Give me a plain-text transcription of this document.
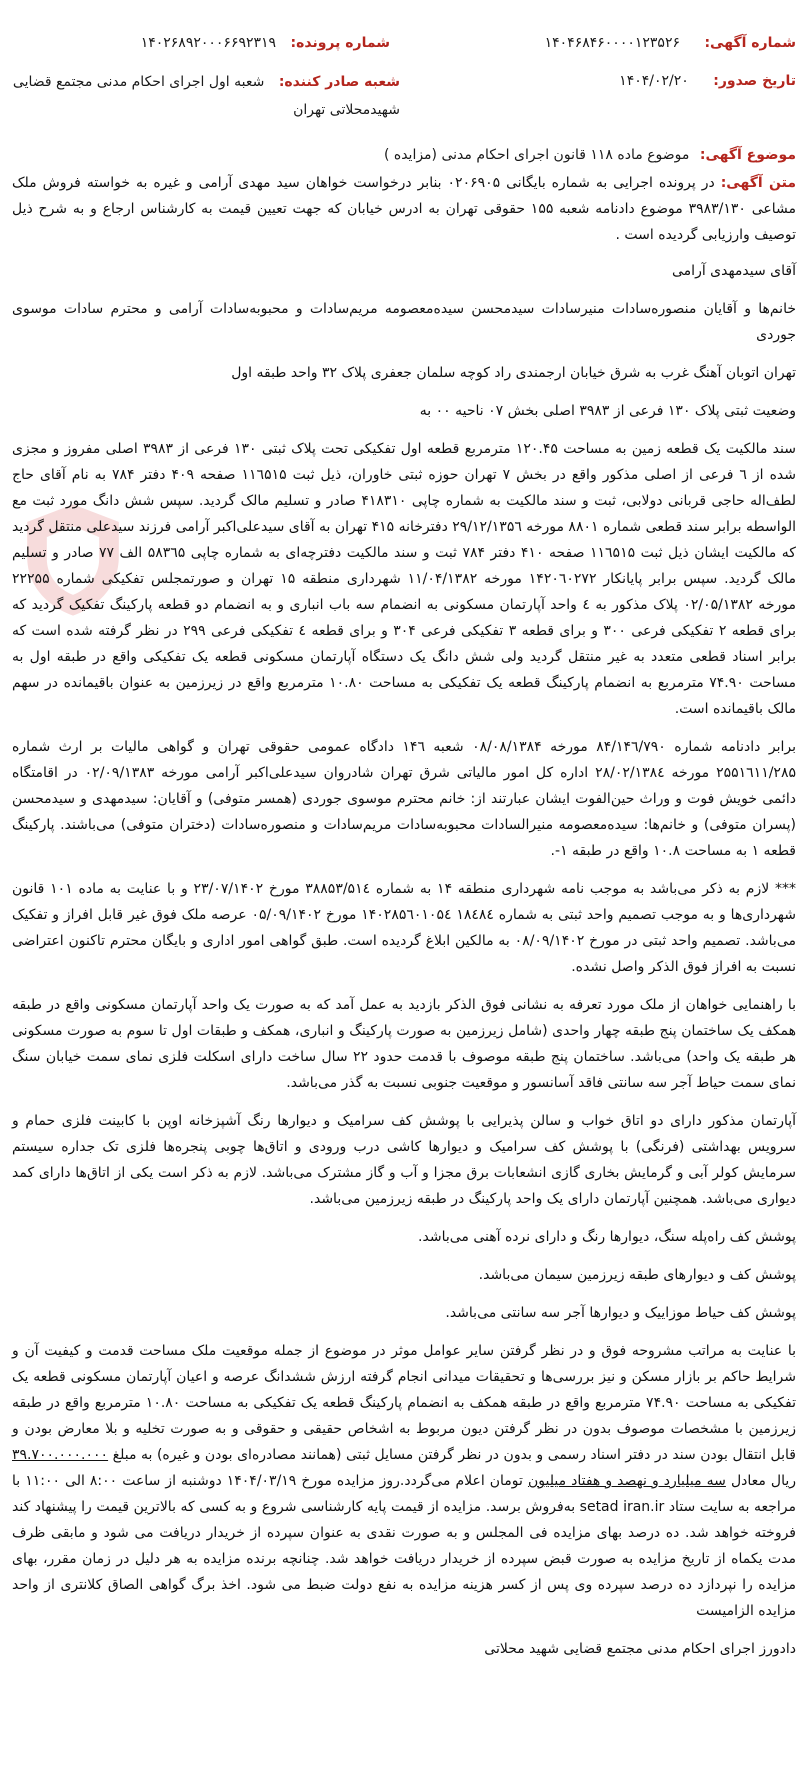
شماره آگهی: ۱۴۰۴۶۸۴۶۰۰۰۰۱۲۳۵۲۶
شماره پرونده: ۱۴۰۲۶۸۹۲۰۰۰۶۶۹۲۳۱۹
تاریخ صدور: ۱۴۰۴/۰۲/۲۰
شعبه صادر کننده: شعبه اول اجرای احکام مدنی مجتمع قضایی شهیدمحلاتی تهران
موضوع آگهی: موضوع ماده ۱۱۸ قانون اجرای احکام مدنی (مزایده )

متن آگهی: در پرونده اجرایی به شماره بایگانی ۰۲۰۶۹۰۵ بنابر درخواست خواهان سید مهدی آرامی و غیره به خواسته فروش ملک مشاعی ۳۹۸۳/۱۳۰ موضوع دادنامه شعبه ۱۵۵ حقوقی تهران به ادرس خیابان که جهت تعیین قیمت به کارشناس ارجاع و به شرح ذیل توصیف وارزیابی گردیده است .

آقای سیدمهدی آرامی

خانم‌ها و آقایان منصوره‌سادات منیرسادات سیدمحسن سیده‌معصومه مریم‌سادات و محبوبه‌سادات آرامی و محترم سادات موسوی جوردی

تهران اتوبان آهنگ غرب به شرق خیابان ارجمندی راد کوچه سلمان جعفری پلاک ۳۲ واحد طبقه اول

وضعیت ثبتی پلاک ۱۳۰ فرعی از ۳۹۸۳ اصلی بخش ۰۷ ناحیه ۰۰ به

سند مالکیت یک قطعه زمین به مساحت ۱۲۰.۴۵ مترمربع قطعه اول تفکیکی تحت پلاک ثبتی ۱۳۰ فرعی از ۳۹۸۳ اصلی مفروز و مجزی شده از ٦ فرعی از اصلی مذکور واقع در بخش ۷ تهران حوزه ثبتی خاوران، ذیل ثبت ۱۱٦۵۱۵ صفحه ۴۰۹ دفتر ۷۸۴ به نام آقای حاج لطف‌اله حاجی قربانی دولابی، ثبت و سند مالکیت به شماره چاپی ۴۱۸۳۱۰ صادر و تسلیم مالک گردید. سپس شش دانگ مورد ثبت مع الواسطه برابر سند قطعی شماره ۸۸۰۱ مورخه ۲۹/۱۲/۱۳۵٦ دفترخانه ۴۱۵ تهران به آقای سیدعلی‌اکبر آرامی فرزند سیدعلی منتقل گردید که مالکیت ایشان ذیل ثبت ۱۱٦۵۱۵ صفحه ۴۱۰ دفتر ۷۸۴ ثبت و سند مالکیت دفترچه‌ای به شماره چاپی ۵۸۳٦۵ الف ۷۷ صادر و تسلیم مالک گردید. سپس برابر پایانکار ۱۴۲۰٦۰۲۷۲ مورخه ۱۱/۰۴/۱۳۸۲ شهرداری منطقه ۱۵ تهران و صورتمجلس تفکیکی شماره ۲۲۲۵۵ مورخه ۰۲/۰۵/۱۳۸۲ پلاک مذکور به ٤ واحد آپارتمان مسکونی به انضمام سه باب انباری و به انضمام دو قطعه پارکینگ تفکیک گردید که برای قطعه ۲ تفکیکی فرعی ۳۰۰ و برای قطعه ۳ تفکیکی فرعی ۳۰۴ و برای قطعه ٤ تفکیکی فرعی ۲۹۹ در نظر گرفته شده است که برابر اسناد قطعی متعدد به غیر منتقل گردید ولی شش دانگ یک دستگاه آپارتمان مسکونی قطعه یک تفکیکی واقع در طبقه اول به مساحت ۷۴.۹۰ مترمربع به انضمام پارکینگ قطعه یک تفکیکی به مساحت ۱۰.۸۰ مترمربع واقع در زیرزمین به عنوان باقیمانده در سهم مالک باقیمانده است.

برابر دادنامه شماره ۸۴/۱۴٦/۷۹۰ مورخه ۰۸/۰۸/۱۳۸۴ شعبه ۱۴٦ دادگاه عمومی حقوقی تهران و گواهی مالیات بر ارث شماره ۲۵۵۱٦۱۱/۲۸۵ مورخه ۲۸/۰۲/۱۳۸٤ اداره کل امور مالیاتی شرق تهران شادروان سیدعلی‌اکبر آرامی مورخه ۰۲/۰۹/۱۳۸۳ در اقامتگاه دائمی خویش فوت و وراث حین‌الفوت ایشان عبارتند از: خانم محترم موسوی جوردی (همسر متوفی) و آقایان: سیدمهدی و سیدمحسن (پسران متوفی) و خانم‌ها: سیده‌معصومه منیرالسادات محبوبه‌سادات مریم‌سادات و منصوره‌سادات (دختران متوفی) می‌باشند. پارکینگ قطعه ۱ به مساحت ۱۰.۸ واقع در طبقه ۱-.

*** لازم به ذکر می‌باشد به موجب نامه شهرداری منطقه ۱۴ به شماره ۳۸۸۵۳/۵۱٤ مورخ ۲۳/۰۷/۱۴۰۲ و با عنایت به ماده ۱۰۱ قانون شهرداری‌ها و به موجب تصمیم واحد ثبتی به شماره ۱۸٤۸٤ ۱۴۰۲۸۵٦۰۱۰۵٤ مورخ ۰۵/۰۹/۱۴۰۲ عرصه ملک فوق غیر قابل افراز و تفکیک می‌باشد. تصمیم واحد ثبتی در مورخ ۰۸/۰۹/۱۴۰۲ به مالکین ابلاغ گردیده است. طبق گواهی امور اداری و بایگان محترم تاکنون اعتراضی نسبت به افراز فوق الذکر واصل نشده.

با راهنمایی خواهان از ملک مورد تعرفه به نشانی فوق الذکر بازدید به عمل آمد که به صورت یک واحد آپارتمان مسکونی واقع در طبقه همکف یک ساختمان پنج طبقه چهار واحدی (شامل زیرزمین به صورت پارکینگ و انباری، همکف و طبقات اول تا سوم به صورت مسکونی هر طبقه یک واحد) می‌باشد. ساختمان پنج طبقه موصوف با قدمت حدود ۲۲ سال ساخت دارای اسکلت فلزی نمای سمت خیابان سنگ نمای سمت حیاط آجر سه سانتی فاقد آسانسور و موقعیت جنوبی نسبت به گذر می‌باشد.

آپارتمان مذکور دارای دو اتاق خواب و سالن پذیرایی با پوشش کف سرامیک و دیوارها رنگ آشپزخانه اوپن با کابینت فلزی حمام و سرویس بهداشتی (فرنگی) با پوشش کف سرامیک و دیوارها کاشی درب ورودی و اتاق‌ها چوبی پنجره‌ها فلزی تک جداره سیستم سرمایش کولر آبی و گرمایش بخاری گازی انشعابات برق مجزا و آب و گاز مشترک می‌باشد. لازم به ذکر است یکی از اتاق‌ها دارای کمد دیواری می‌باشد. همچنین آپارتمان دارای یک واحد پارکینگ در طبقه زیرزمین می‌باشد.

پوشش کف راه‌پله سنگ، دیوارها رنگ و دارای نرده آهنی می‌باشد.

پوشش کف و دیوارهای طبقه زیرزمین سیمان می‌باشد.

پوشش کف حیاط موزاییک و دیوارها آجر سه سانتی می‌باشد.

با عنایت به مراتب مشروحه فوق و در نظر گرفتن سایر عوامل موثر در موضوع از جمله موقعیت ملک مساحت قدمت و کیفیت آن و شرایط حاکم بر بازار مسکن و نیز بررسی‌ها و تحقیقات میدانی انجام گرفته ارزش ششدانگ عرصه و اعیان آپارتمان مسکونی قطعه یک تفکیکی به مساحت ۷۴.۹۰ مترمربع واقع در طبقه همکف به انضمام پارکینگ قطعه یک تفکیکی به مساحت ۱۰.۸۰ مترمربع واقع در طبقه زیرزمین با مشخصات موصوف بدون در نظر گرفتن دیون مربوط به اشخاص حقیقی و حقوقی و به صورت تخلیه و بلا معارض بودن و قابل انتقال بودن سند در دفتر اسناد رسمی و بدون در نظر گرفتن مسایل ثبتی (همانند مصادره‌ای بودن و غیره) به مبلغ ۳۹.۷۰۰.۰۰۰.۰۰۰ ریال معادل سه میلیارد و نهصد و هفتاد میلیون تومان اعلام می‌گردد.روز مزایده مورخ ۱۴۰۴/۰۳/۱۹ دوشنبه از ساعت ۸:۰۰ الی ۱۱:۰۰ با مراجعه به سایت ستاد setad iran.ir به‌فروش برسد. مزایده از قیمت پایه کارشناسی شروع و به کسی که بالاترین قیمت را پیشنهاد کند فروخته خواهد شد. ده درصد بهای مزایده فی المجلس و به صورت نقدی به عنوان سپرده از خریدار دریافت می شود و مابقی ظرف مدت یکماه از تاریخ مزایده به صورت قبض سپرده از خریدار دریافت خواهد شد. چنانچه برنده مزایده به هر دلیل در زمان مقرر، بهای مزایده را نپردازد ده درصد سپرده وی پس از کسر هزینه مزایده به نفع دولت ضبط می شود. اخذ برگ گواهی الصاق کلانتری از واحد مزایده الزامیست

دادورز اجرای احکام مدنی مجتمع قضایی شهید محلاتی
